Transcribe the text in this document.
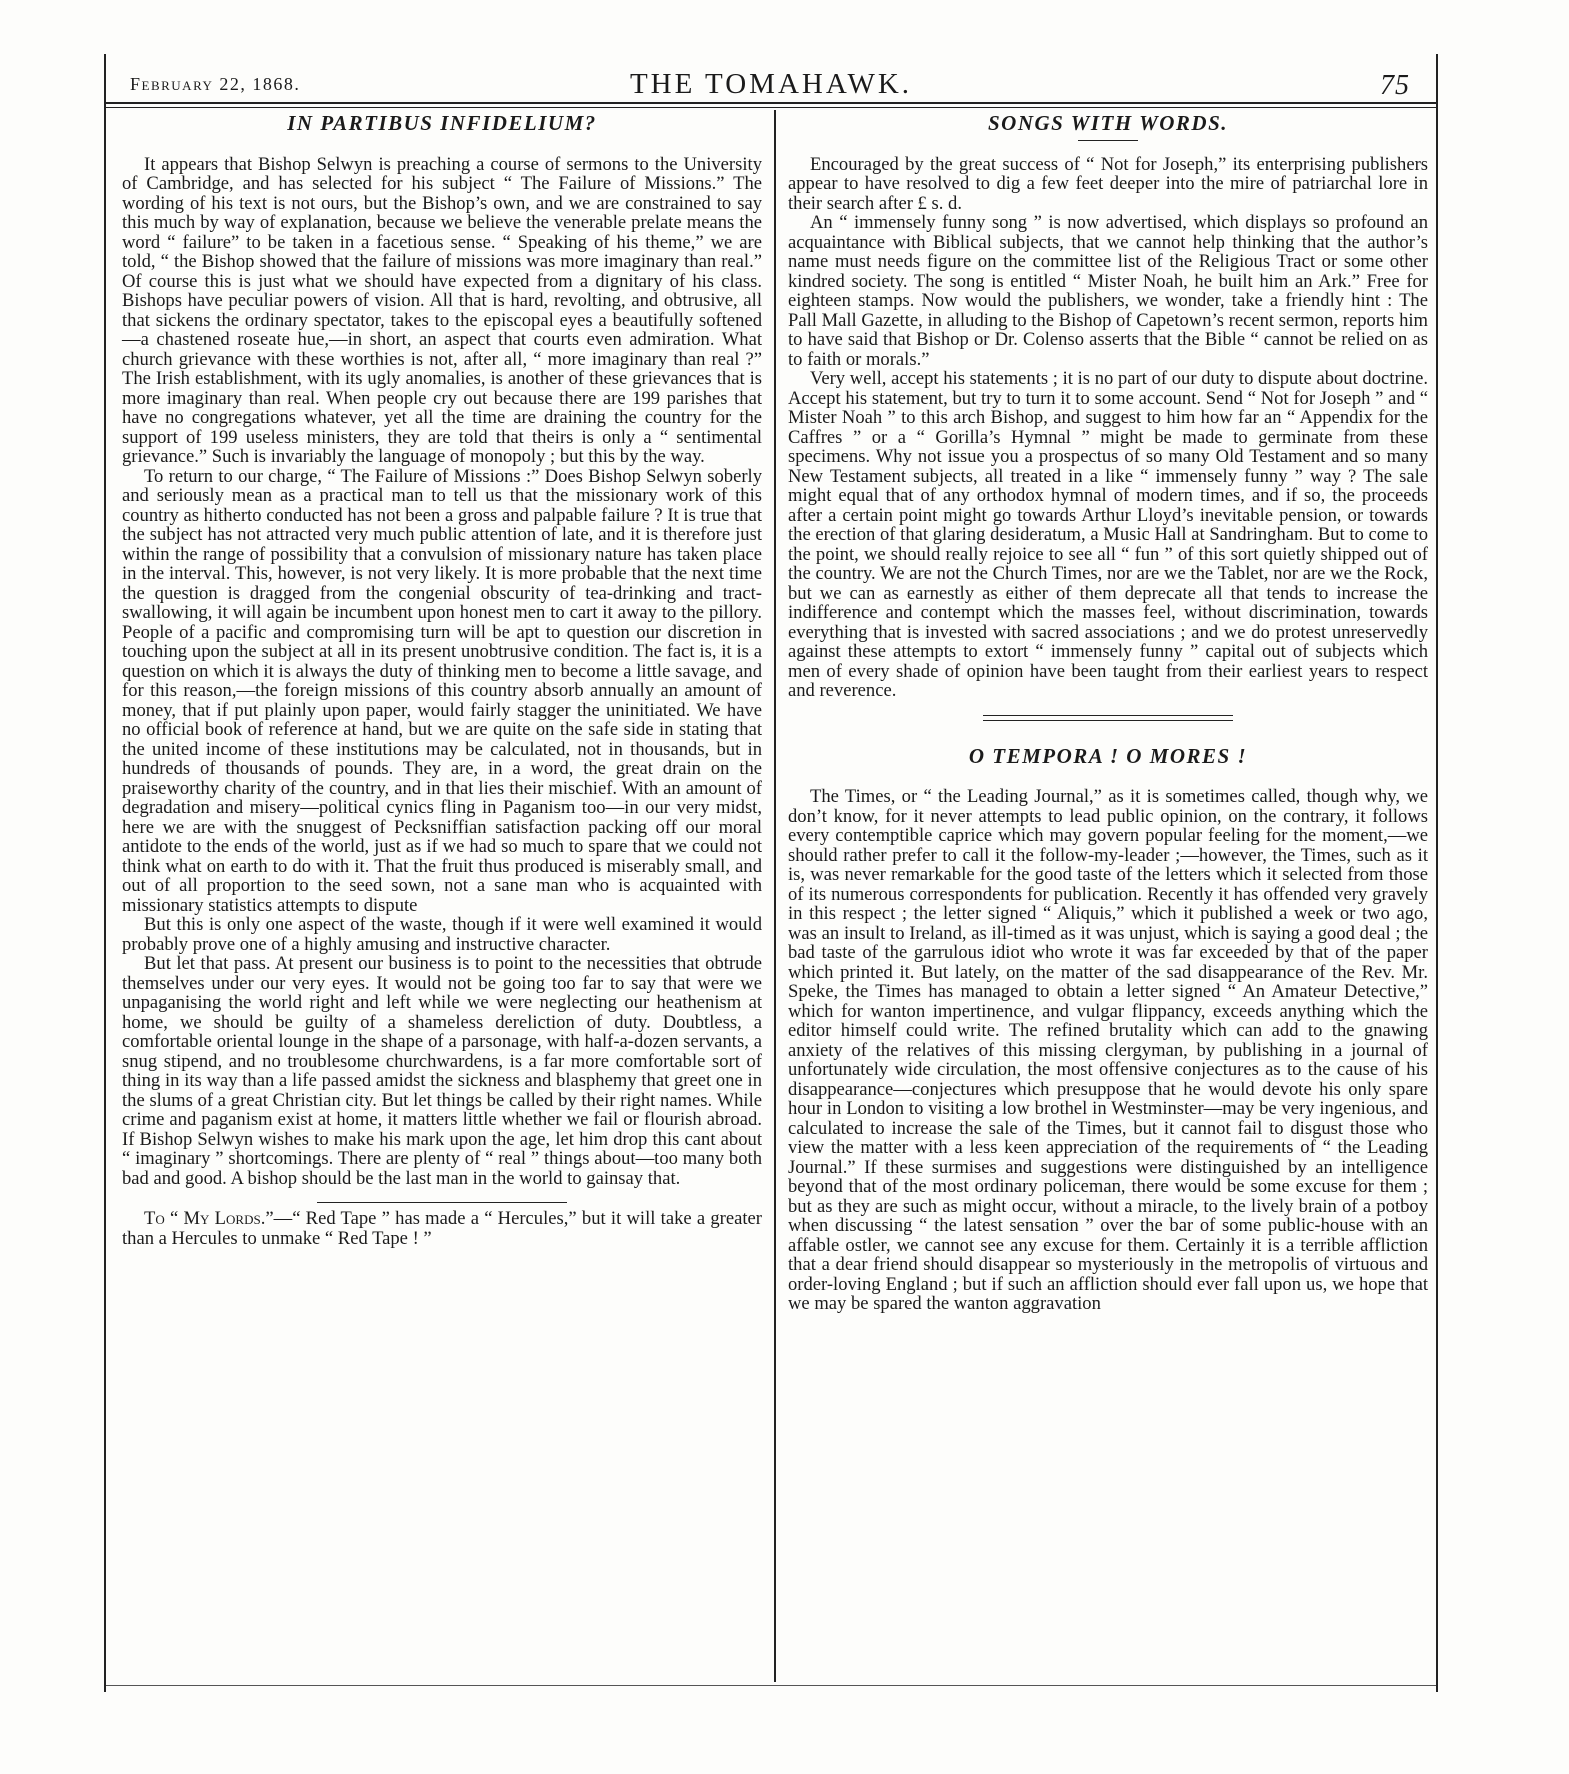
February 22, 1868.	THE TOMAHAWK.	75
IN PARTIBUS INFIDELIUM?

It appears that Bishop Selwyn is preaching a course of sermons to the University of Cambridge, and has selected for his subject “ The Failure of Missions.” The wording of his text is not ours, but the Bishop’s own, and we are constrained to say this much by way of explanation, because we believe the venerable prelate means the word “ failure” to be taken in a facetious sense. “ Speaking of his theme,” we are told, “ the Bishop showed that the failure of missions was more imaginary than real.” Of course this is just what we should have expected from a dignitary of his class. Bishops have peculiar powers of vision. All that is hard, revolting, and obtrusive, all that sickens the ordinary spectator, takes to the episcopal eyes a beautifully softened—a chastened roseate hue,—in short, an aspect that courts even admiration. What church grievance with these worthies is not, after all, “ more imaginary than real ?” The Irish establishment, with its ugly anomalies, is another of these grievances that is more imaginary than real. When people cry out because there are 199 parishes that have no congregations whatever, yet all the time are draining the country for the support of 199 useless ministers, they are told that theirs is only a “ sentimental grievance.” Such is invariably the language of monopoly ; but this by the way.

To return to our charge, “ The Failure of Missions :” Does Bishop Selwyn soberly and seriously mean as a practical man to tell us that the missionary work of this country as hitherto conducted has not been a gross and palpable failure ? It is true that the subject has not attracted very much public attention of late, and it is therefore just within the range of possibility that a convulsion of missionary nature has taken place in the interval. This, however, is not very likely. It is more probable that the next time the question is dragged from the congenial obscurity of tea-drinking and tract-swallowing, it will again be incumbent upon honest men to cart it away to the pillory. People of a pacific and compromising turn will be apt to question our discretion in touching upon the subject at all in its present unobtrusive condition. The fact is, it is a question on which it is always the duty of thinking men to become a little savage, and for this reason,—the foreign missions of this country absorb annually an amount of money, that if put plainly upon paper, would fairly stagger the uninitiated. We have no official book of reference at hand, but we are quite on the safe side in stating that the united income of these institutions may be calculated, not in thousands, but in hundreds of thousands of pounds. They are, in a word, the great drain on the praiseworthy charity of the country, and in that lies their mischief. With an amount of degradation and misery—political cynics fling in Paganism too—in our very midst, here we are with the snuggest of Pecksniffian satisfaction packing off our moral antidote to the ends of the world, just as if we had so much to spare that we could not think what on earth to do with it. That the fruit thus produced is miserably small, and out of all proportion to the seed sown, not a sane man who is acquainted with missionary statistics attempts to dispute

But this is only one aspect of the waste, though if it were well examined it would probably prove one of a highly amusing and instructive character.

But let that pass. At present our business is to point to the necessities that obtrude themselves under our very eyes. It would not be going too far to say that were we unpaganising the world right and left while we were neglecting our heathenism at home, we should be guilty of a shameless dereliction of duty. Doubtless, a comfortable oriental lounge in the shape of a parsonage, with half-a-dozen servants, a snug stipend, and no troublesome churchwardens, is a far more comfortable sort of thing in its way than a life passed amidst the sickness and blasphemy that greet one in the slums of a great Christian city. But let things be called by their right names. While crime and paganism exist at home, it matters little whether we fail or flourish abroad. If Bishop Selwyn wishes to make his mark upon the age, let him drop this cant about “ imaginary ” shortcomings. There are plenty of “ real ” things about—too many both bad and good. A bishop should be the last man in the world to gainsay that.

To “ My Lords.”—“ Red Tape ” has made a “ Hercules,” but it will take a greater than a Hercules to unmake “ Red Tape ! ”

SONGS WITH WORDS.

Encouraged by the great success of “ Not for Joseph,” its enterprising publishers appear to have resolved to dig a few feet deeper into the mire of patriarchal lore in their search after £ s. d.

An “ immensely funny song ” is now advertised, which displays so profound an acquaintance with Biblical subjects, that we cannot help thinking that the author’s name must needs figure on the committee list of the Religious Tract or some other kindred society. The song is entitled “ Mister Noah, he built him an Ark.” Free for eighteen stamps. Now would the publishers, we wonder, take a friendly hint : The Pall Mall Gazette, in alluding to the Bishop of Capetown’s recent sermon, reports him to have said that Bishop or Dr. Colenso asserts that the Bible “ cannot be relied on as to faith or morals.”

Very well, accept his statements ; it is no part of our duty to dispute about doctrine. Accept his statement, but try to turn it to some account. Send “ Not for Joseph ” and “ Mister Noah ” to this arch Bishop, and suggest to him how far an “ Appendix for the Caffres ” or a “ Gorilla’s Hymnal ” might be made to germinate from these specimens. Why not issue you a prospectus of so many Old Testament and so many New Testament subjects, all treated in a like “ immensely funny ” way ? The sale might equal that of any orthodox hymnal of modern times, and if so, the proceeds after a certain point might go towards Arthur Lloyd’s inevitable pension, or towards the erection of that glaring desideratum, a Music Hall at Sandringham. But to come to the point, we should really rejoice to see all “ fun ” of this sort quietly shipped out of the country. We are not the Church Times, nor are we the Tablet, nor are we the Rock, but we can as earnestly as either of them deprecate all that tends to increase the indifference and contempt which the masses feel, without discrimination, towards everything that is invested with sacred associations ; and we do protest unreservedly against these attempts to extort “ immensely funny ” capital out of subjects which men of every shade of opinion have been taught from their earliest years to respect and reverence.

O TEMPORA ! O MORES !

The Times, or “ the Leading Journal,” as it is sometimes called, though why, we don’t know, for it never attempts to lead public opinion, on the contrary, it follows every contemptible caprice which may govern popular feeling for the moment,—we should rather prefer to call it the follow-my-leader ;—however, the Times, such as it is, was never remarkable for the good taste of the letters which it selected from those of its numerous correspondents for publication. Recently it has offended very gravely in this respect ; the letter signed “ Aliquis,” which it published a week or two ago, was an insult to Ireland, as ill-timed as it was unjust, which is saying a good deal ; the bad taste of the garrulous idiot who wrote it was far exceeded by that of the paper which printed it. But lately, on the matter of the sad disappearance of the Rev. Mr. Speke, the Times has managed to obtain a letter signed “ An Amateur Detective,” which for wanton impertinence, and vulgar flippancy, exceeds anything which the editor himself could write. The refined brutality which can add to the gnawing anxiety of the relatives of this missing clergyman, by publishing in a journal of unfortunately wide circulation, the most offensive conjectures as to the cause of his disappearance—conjectures which presuppose that he would devote his only spare hour in London to visiting a low brothel in Westminster—may be very ingenious, and calculated to increase the sale of the Times, but it cannot fail to disgust those who view the matter with a less keen appreciation of the requirements of “ the Leading Journal.” If these surmises and suggestions were distinguished by an intelligence beyond that of the most ordinary policeman, there would be some excuse for them ; but as they are such as might occur, without a miracle, to the lively brain of a potboy when discussing “ the latest sensation ” over the bar of some public-house with an affable ostler, we cannot see any excuse for them. Certainly it is a terrible affliction that a dear friend should disappear so mysteriously in the metropolis of virtuous and order-loving England ; but if such an affliction should ever fall upon us, we hope that we may be spared the wanton aggravation
